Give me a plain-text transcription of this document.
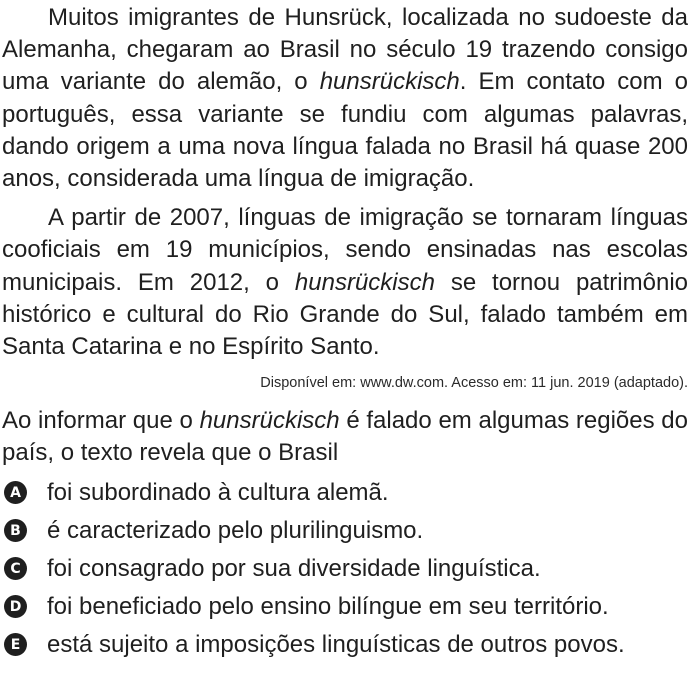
Muitos imigrantes de Hunsrück, localizada no sudoeste da Alemanha, chegaram ao Brasil no século 19 trazendo consigo uma variante do alemão, o hunsrückisch. Em contato com o português, essa variante se fundiu com algumas palavras, dando origem a uma nova língua falada no Brasil há quase 200 anos, considerada uma língua de imigração.

A partir de 2007, línguas de imigração se tornaram línguas cooficiais em 19 municípios, sendo ensinadas nas escolas municipais. Em 2012, o hunsrückisch se tornou patrimônio histórico e cultural do Rio Grande do Sul, falado também em Santa Catarina e no Espírito Santo.

Disponível em: www.dw.com. Acesso em: 11 jun. 2019 (adaptado).

Ao informar que o hunsrückisch é falado em algumas regiões do país, o texto revela que o Brasil

A foi subordinado à cultura alemã.
B é caracterizado pelo plurilinguismo.
C foi consagrado por sua diversidade linguística.
D foi beneficiado pelo ensino bilíngue em seu território.
E está sujeito a imposições linguísticas de outros povos.
